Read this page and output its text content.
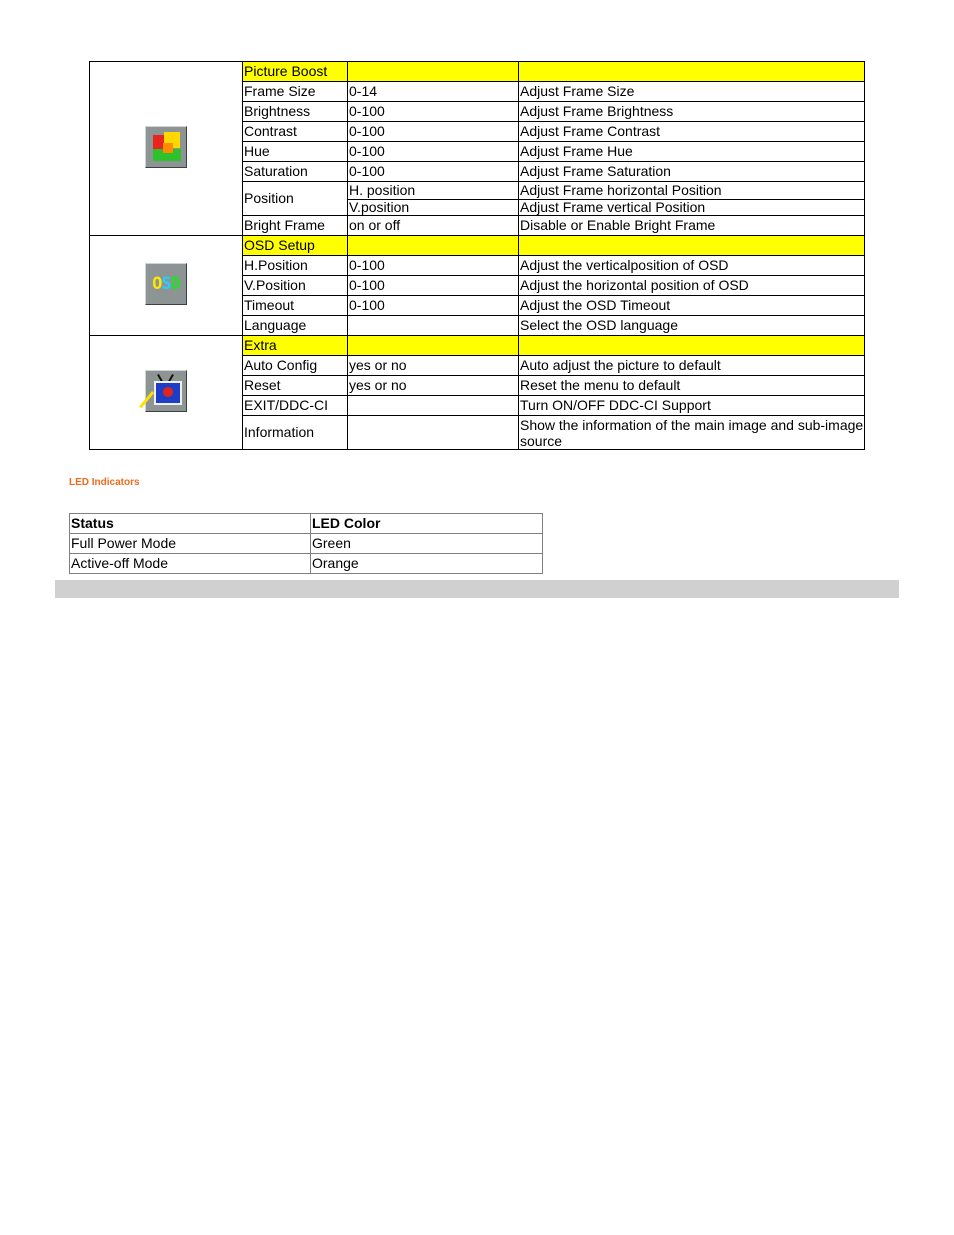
	Picture Boost		
	Frame Size	0-14	Adjust Frame Size
	Brightness	0-100	Adjust Frame Brightness
	Contrast	0-100	Adjust Frame Contrast
	Hue	0-100	Adjust Frame Hue
	Saturation	0-100	Adjust Frame Saturation
	Position	H. position	Adjust Frame horizontal Position
		V.position	Adjust Frame vertical Position
	Bright Frame	on or off	Disable or Enable Bright Frame

O S D	OSD Setup		
	H.Position	0-100	Adjust the verticalposition of OSD
	V.Position	0-100	Adjust the horizontal position of OSD
	Timeout	0-100	Adjust the OSD Timeout
	Language		Select the OSD language

	Extra		
	Auto Config	yes or no	Auto adjust the picture to default
	Reset	yes or no	Reset the menu to default
	EXIT/DDC-CI		Turn ON/OFF DDC-CI Support
	Information		Show the information of the main image and sub-image source
LED Indicators
Status	LED Color
Full Power Mode	Green
Active-off Mode	Orange
